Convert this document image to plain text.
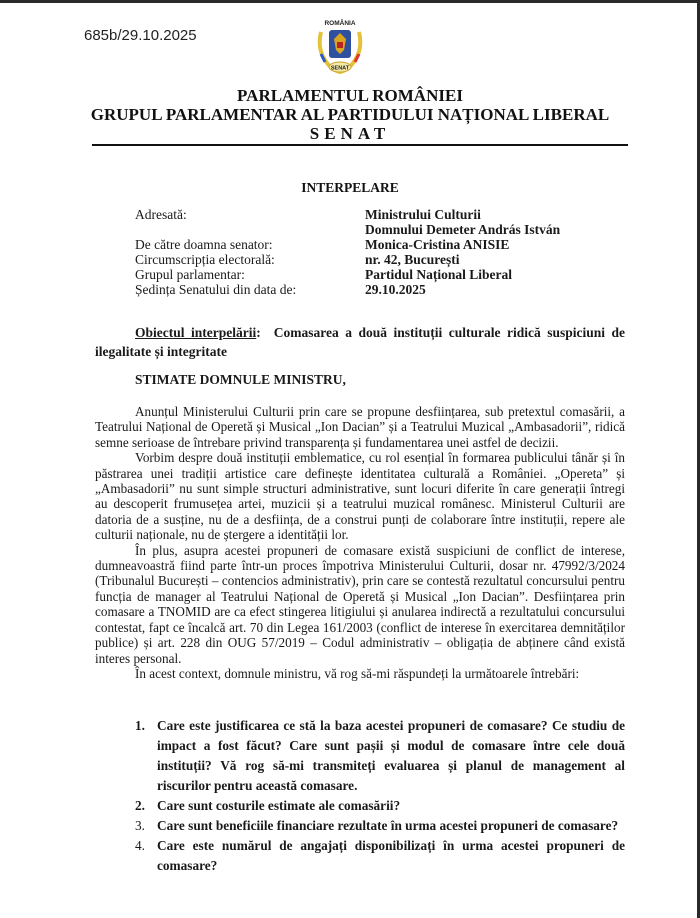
685b/29.10.2025
ROMÂNIA
SENAT
PARLAMENTUL ROMÂNIEI
GRUPUL PARLAMENTAR AL PARTIDULUI NAȚIONAL LIBERAL
SENAT
INTERPELARE
Adresată:	Ministrului Culturii
Domnului Demeter András István
De către doamna senator:	Monica-Cristina ANISIE
Circumscripția electorală:	nr. 42, București
Grupul parlamentar:	Partidul Național Liberal
Ședința Senatului din data de:	29.10.2025
Obiectul interpelării:  Comasarea a două instituții culturale ridică suspiciuni de ilegalitate și integritate
STIMATE DOMNULE MINISTRU,

Anunțul Ministerului Culturii prin care se propune desființarea, sub pretextul comasării, a Teatrului Național de Operetă și Musical „Ion Dacian” și a Teatrului Muzical „Ambasadorii”, ridică semne serioase de întrebare privind transparența și fundamentarea unei astfel de decizii.

Vorbim despre două instituții emblematice, cu rol esențial în formarea publicului tânăr și în păstrarea unei tradiții artistice care definește identitatea culturală a României. „Opereta” și „Ambasadorii” nu sunt simple structuri administrative, sunt locuri diferite în care generații întregi au descoperit frumusețea artei, muzicii și a teatrului muzical românesc. Ministerul Culturii are datoria de a susține, nu de a desființa, de a construi punți de colaborare între instituții, repere ale culturii naționale, nu de ștergere a identității lor.

În plus, asupra acestei propuneri de comasare există suspiciuni de conflict de interese, dumneavoastră fiind parte într-un proces împotriva Ministerului Culturii, dosar nr. 47992/3/2024 (Tribunalul București – contencios administrativ), prin care se contestă rezultatul concursului pentru funcția de manager al Teatrului Național de Operetă și Musical „Ion Dacian”. Desființarea prin comasare a TNOMID are ca efect stingerea litigiului și anularea indirectă a rezultatului concursului contestat, fapt ce încalcă art. 70 din Legea 161/2003 (conflict de interese în exercitarea demnităților publice) și art. 228 din OUG 57/2019 – Codul administrativ – obligația de abținere când există interes personal.

În acest context, domnule ministru, vă rog să-mi răspundeți la următoarele întrebări:

1. Care este justificarea ce stă la baza acestei propuneri de comasare? Ce studiu de impact a fost făcut? Care sunt pașii și modul de comasare între cele două instituții? Vă rog să-mi transmiteți evaluarea și planul de management al riscurilor pentru această comasare.
2. Care sunt costurile estimate ale comasării?
3. Care sunt beneficiile financiare rezultate în urma acestei propuneri de comasare?
4. Care este numărul de angajați disponibilizați în urma acestei propuneri de comasare?
